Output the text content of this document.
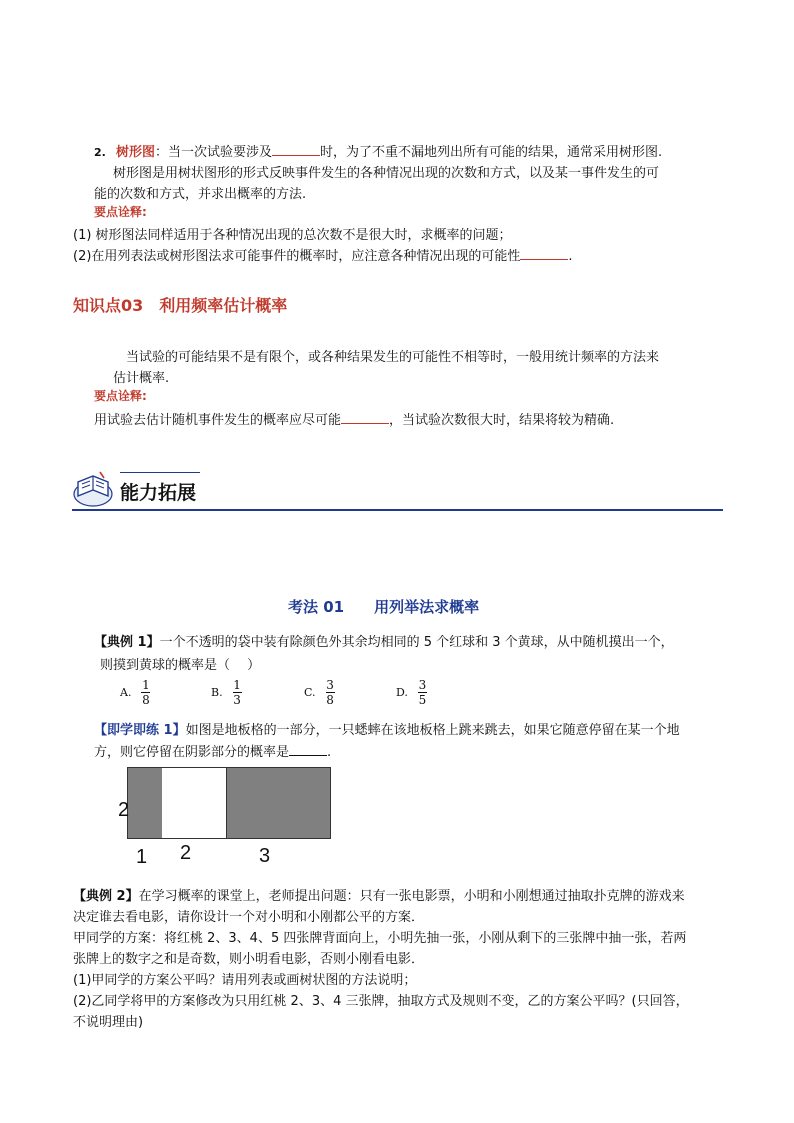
2. 树形图：当一次试验要涉及	时，为了不重不漏地列出所有可能的结果，通常采用树形图.
树形图是用树状图形的形式反映事件发生的各种情况出现的次数和方式，以及某一事件发生的可
能的次数和方式，并求出概率的方法.
要点诠释:
(1) 树形图法同样适用于各种情况出现的总次数不是很大时，求概率的问题；
(2)在用列表法或树形图法求可能事件的概率时，应注意各种情况出现的可能性	.
知识点03　利用频率估计概率
当试验的可能结果不是有限个，或各种结果发生的可能性不相等时，一般用统计频率的方法来
估计概率.
要点诠释:
用试验去估计随机事件发生的概率应尽可能	，当试验次数很大时，结果将较为精确.
能力拓展
考法 01　　用列举法求概率
【典例 1】一个不透明的袋中装有除颜色外其余均相同的 5 个红球和 3 个黄球，从中随机摸出一个，
则摸到黄球的概率是（　 ）
A. $\frac{1}{8}$	B. $\frac{1}{3}$	C. $\frac{3}{8}$	D. $\frac{3}{5}$
【即学即练 1】如图是地板格的一部分，一只蟋蟀在该地板格上跳来跳去，如果它随意停留在某一个地
方，则它停留在阴影部分的概率是	.
2
1 2	3
【典例 2】在学习概率的课堂上，老师提出问题：只有一张电影票，小明和小刚想通过抽取扑克牌的游戏来
决定谁去看电影，请你设计一个对小明和小刚都公平的方案．
甲同学的方案：将红桃 2、3、4、5 四张牌背面向上，小明先抽一张，小刚从剩下的三张牌中抽一张，若两
张牌上的数字之和是奇数，则小明看电影，否则小刚看电影．
(1)甲同学的方案公平吗？请用列表或画树状图的方法说明；
(2)乙同学将甲的方案修改为只用红桃 2、3、4 三张牌，抽取方式及规则不变，乙的方案公平吗？(只回答，
不说明理由)
